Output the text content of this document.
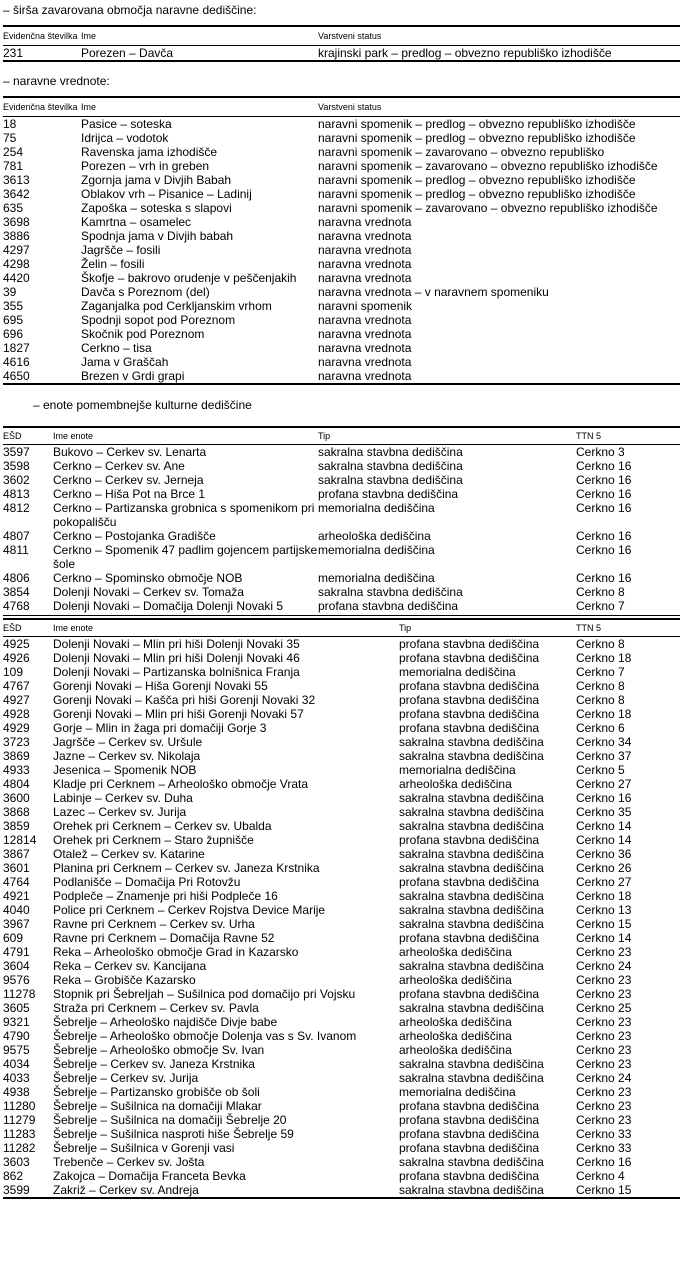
– širša zavarovana območja naravne dediščine:
Evidenčna številka	Ime	Varstveni status
231	Porezen – Davča	krajinski park – predlog – obvezno republiško izhodišče
– naravne vrednote:
Evidenčna številka	Ime	Varstveni status
18	Pasice – soteska	naravni spomenik – predlog – obvezno republiško izhodišče
75	Idrijca – vodotok	naravni spomenik – predlog – obvezno republiško izhodišče
254	Ravenska jama izhodišče	naravni spomenik – zavarovano – obvezno republiško
781	Porezen – vrh in greben	naravni spomenik – zavarovano – obvezno republiško izhodišče
3613	Zgornja jama v Divjih Babah	naravni spomenik – predlog – obvezno republiško izhodišče
3642	Oblakov vrh – Pisanice – Ladinij	naravni spomenik – predlog – obvezno republiško izhodišče
635	Zapoška – soteska s slapovi	naravni spomenik – zavarovano – obvezno republiško izhodišče
3698	Kamrtna – osamelec	naravna vrednota
3886	Spodnja jama v Divjih babah	naravna vrednota
4297	Jagršče – fosili	naravna vrednota
4298	Želin – fosili	naravna vrednota
4420	Škofje – bakrovo orudenje v peščenjakih	naravna vrednota
39	Davča s Poreznom (del)	naravna vrednota – v naravnem spomeniku
355	Zaganjalka pod Cerkljanskim vrhom	naravni spomenik
695	Spodnji sopot pod Poreznom	naravna vrednota
696	Skočnik pod Poreznom	naravna vrednota
1827	Cerkno – tisa	naravna vrednota
4616	Jama v Graščah	naravna vrednota
4650	Brezen v Grdi grapi	naravna vrednota
– enote pomembnejše kulturne dediščine
EŠD	Ime enote	Tip	TTN 5
3597	Bukovo – Cerkev sv. Lenarta	sakralna stavbna dediščina	Cerkno 3
3598	Cerkno – Cerkev sv. Ane	sakralna stavbna dediščina	Cerkno 16
3602	Cerkno – Cerkev sv. Jerneja	sakralna stavbna dediščina	Cerkno 16
4813	Cerkno – Hiša Pot na Brce 1	profana stavbna dediščina	Cerkno 16
4812	Cerkno – Partizanska grobnica s spomenikom pri pokopališču	memorialna dediščina	Cerkno 16
4807	Cerkno – Postojanka Gradišče	arheološka dediščina	Cerkno 16
4811	Cerkno – Spomenik 47 padlim gojencem partijske šole	memorialna dediščina	Cerkno 16
4806	Cerkno – Spominsko območje NOB	memorialna dediščina	Cerkno 16
3854	Dolenji Novaki – Cerkev sv. Tomaža	sakralna stavbna dediščina	Cerkno 8
4768	Dolenji Novaki – Domačija Dolenji Novaki 5	profana stavbna dediščina	Cerkno 7
EŠD	Ime enote	Tip	TTN 5
4925	Dolenji Novaki – Mlin pri hiši Dolenji Novaki 35	profana stavbna dediščina	Cerkno 8
4926	Dolenji Novaki – Mlin pri hiši Dolenji Novaki 46	profana stavbna dediščina	Cerkno 18
109	Dolenji Novaki – Partizanska bolnišnica Franja	memorialna dediščina	Cerkno 7
4767	Gorenji Novaki – Hiša Gorenji Novaki 55	profana stavbna dediščina	Cerkno 8
4927	Gorenji Novaki – Kašča pri hiši Gorenji Novaki 32	profana stavbna dediščina	Cerkno 8
4928	Gorenji Novaki – Mlin pri hiši Gorenji Novaki 57	profana stavbna dediščina	Cerkno 18
4929	Gorje – Mlin in žaga pri domačiji Gorje 3	profana stavbna dediščina	Cerkno 6
3723	Jagršče – Cerkev sv. Uršule	sakralna stavbna dediščina	Cerkno 34
3869	Jazne – Cerkev sv. Nikolaja	sakralna stavbna dediščina	Cerkno 37
4933	Jesenica – Spomenik NOB	memorialna dediščina	Cerkno 5
4804	Kladje pri Cerknem – Arheološko območje Vrata	arheološka dediščina	Cerkno 27
3600	Labinje – Cerkev sv. Duha	sakralna stavbna dediščina	Cerkno 16
3868	Lazec – Cerkev sv. Jurija	sakralna stavbna dediščina	Cerkno 35
3859	Orehek pri Cerknem – Cerkev sv. Ubalda	sakralna stavbna dediščina	Cerkno 14
12814	Orehek pri Cerknem – Staro župnišče	profana stavbna dediščina	Cerkno 14
3867	Otalež – Cerkev sv. Katarine	sakralna stavbna dediščina	Cerkno 36
3601	Planina pri Cerknem – Cerkev sv. Janeza Krstnika	sakralna stavbna dediščina	Cerkno 26
4764	Podlanišče – Domačija Pri Rotovžu	profana stavbna dediščina	Cerkno 27
4921	Podpleče – Znamenje pri hiši Podpleče 16	sakralna stavbna dediščina	Cerkno 18
4040	Police pri Cerknem – Cerkev Rojstva Device Marije	sakralna stavbna dediščina	Cerkno 13
3967	Ravne pri Cerknem – Cerkev sv. Urha	sakralna stavbna dediščina	Cerkno 15
609	Ravne pri Cerknem – Domačija Ravne 52	profana stavbna dediščina	Cerkno 14
4791	Reka – Arheološko območje Grad in Kazarsko	arheološka dediščina	Cerkno 23
3604	Reka – Cerkev sv. Kancijana	sakralna stavbna dediščina	Cerkno 24
9576	Reka – Grobišče Kazarsko	arheološka dediščina	Cerkno 23
11278	Stopnik pri Šebreljah – Sušilnica pod domačijo pri Vojsku	profana stavbna dediščina	Cerkno 23
3605	Straža pri Cerknem – Cerkev sv. Pavla	sakralna stavbna dediščina	Cerkno 25
9321	Šebrelje – Arheološko najdišče Divje babe	arheološka dediščina	Cerkno 23
4790	Šebrelje – Arheološko območje Dolenja vas s Sv. Ivanom	arheološka dediščina	Cerkno 23
9575	Šebrelje – Arheološko območje Sv. Ivan	arheološka dediščina	Cerkno 23
4034	Šebrelje – Cerkev sv. Janeza Krstnika	sakralna stavbna dediščina	Cerkno 23
4033	Šebrelje – Cerkev sv. Jurija	sakralna stavbna dediščina	Cerkno 24
4938	Šebrelje – Partizansko grobišče ob šoli	memorialna dediščina	Cerkno 23
11280	Šebrelje – Sušilnica na domačiji Mlakar	profana stavbna dediščina	Cerkno 23
11279	Šebrelje – Sušilnica na domačiji Šebrelje 20	profana stavbna dediščina	Cerkno 23
11283	Šebrelje – Sušilnica nasproti hiše Šebrelje 59	profana stavbna dediščina	Cerkno 33
11282	Šebrelje – Sušilnica v Gorenji vasi	profana stavbna dediščina	Cerkno 33
3603	Trebenče – Cerkev sv. Jošta	sakralna stavbna dediščina	Cerkno 16
862	Zakojca – Domačija Franceta Bevka	profana stavbna dediščina	Cerkno 4
3599	Zakriž – Cerkev sv. Andreja	sakralna stavbna dediščina	Cerkno 15
